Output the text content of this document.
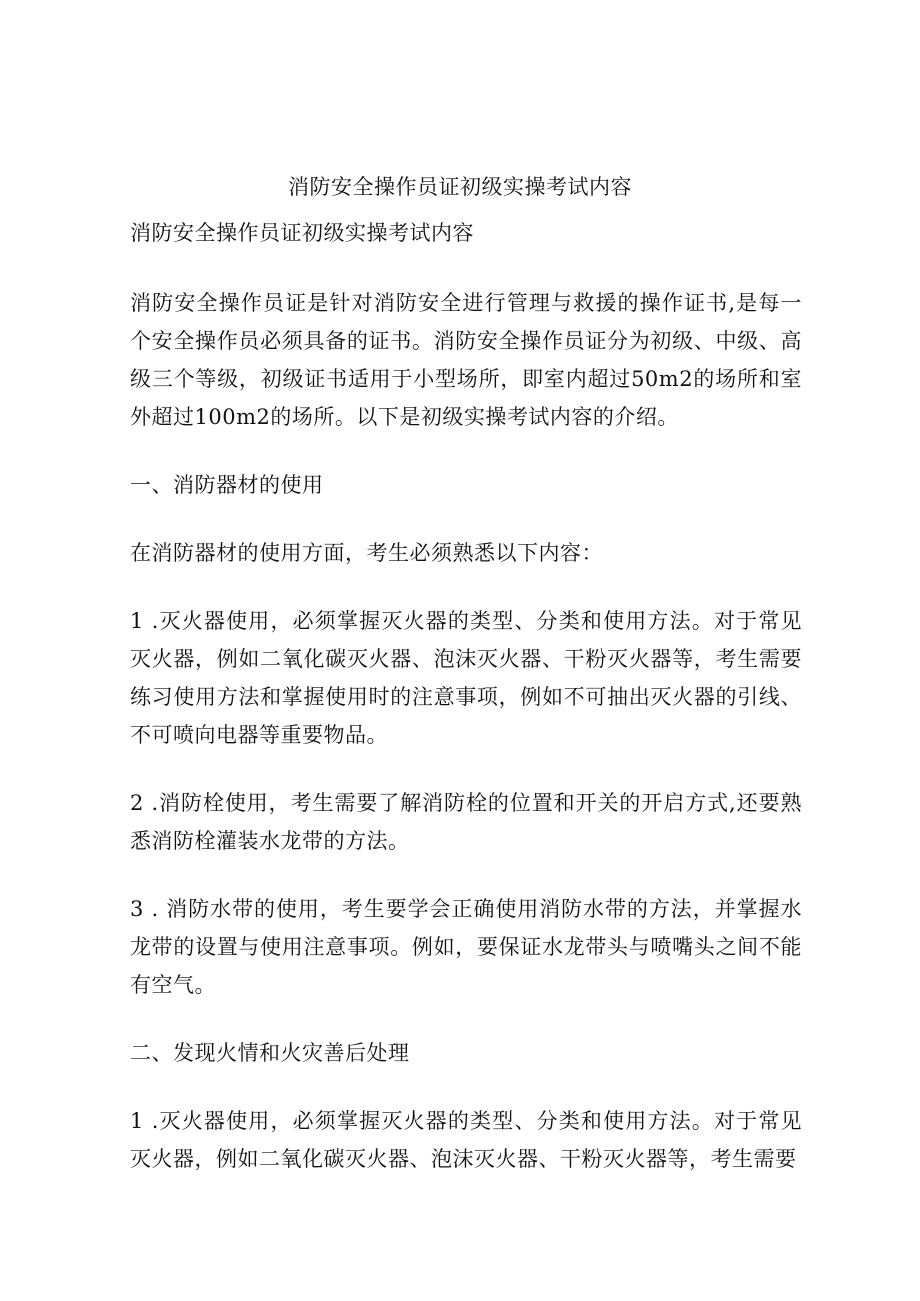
消防安全操作员证初级实操考试内容

消防安全操作员证初级实操考试内容

消防安全操作员证是针对消防安全进行管理与救援的操作证书,是每一个安全操作员必须具备的证书。消防安全操作员证分为初级、中级、高级三个等级，初级证书适用于小型场所，即室内超过50m2的场所和室外超过100m2的场所。以下是初级实操考试内容的介绍。

一、消防器材的使用

在消防器材的使用方面，考生必须熟悉以下内容：

1 .灭火器使用，必须掌握灭火器的类型、分类和使用方法。对于常见灭火器，例如二氧化碳灭火器、泡沫灭火器、干粉灭火器等，考生需要练习使用方法和掌握使用时的注意事项，例如不可抽出灭火器的引线、不可喷向电器等重要物品。

2 .消防栓使用，考生需要了解消防栓的位置和开关的开启方式,还要熟悉消防栓灌装水龙带的方法。

3 . 消防水带的使用，考生要学会正确使用消防水带的方法，并掌握水龙带的设置与使用注意事项。例如，要保证水龙带头与喷嘴头之间不能有空气。

二、发现火情和火灾善后处理

1 .灭火器使用，必须掌握灭火器的类型、分类和使用方法。对于常见灭火器，例如二氧化碳灭火器、泡沫灭火器、干粉灭火器等，考生需要
